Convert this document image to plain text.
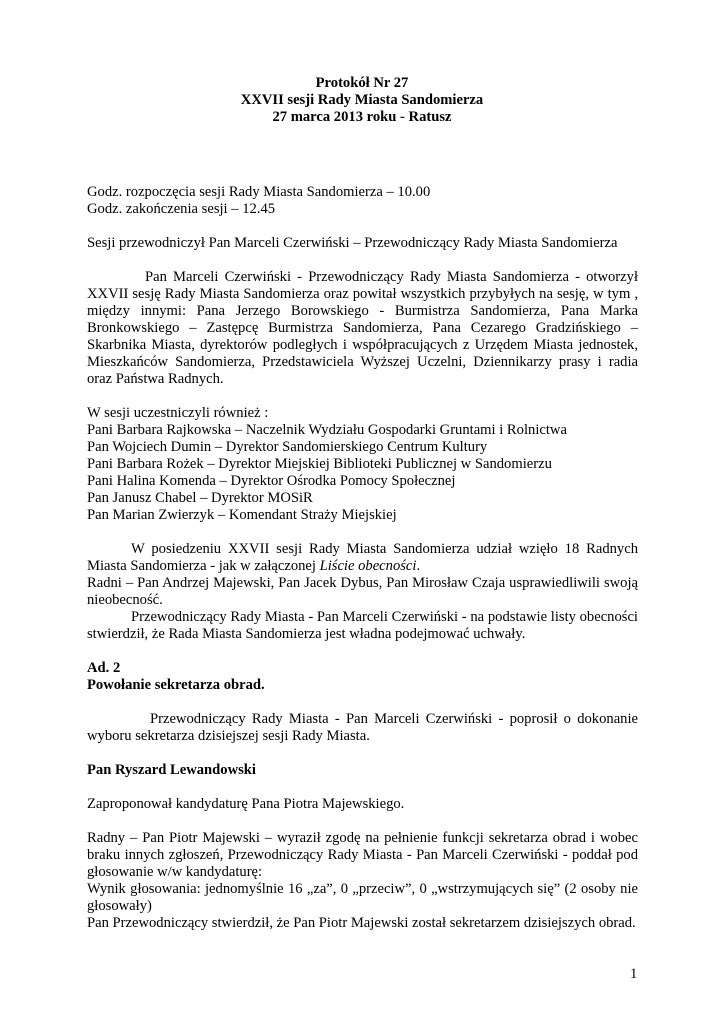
Protokół Nr 27
XXVII sesji Rady Miasta Sandomierza
27 marca 2013 roku - Ratusz
Godz. rozpoczęcia sesji Rady Miasta Sandomierza – 10.00
Godz. zakończenia sesji – 12.45
Sesji przewodniczył Pan Marceli Czerwiński – Przewodniczący Rady Miasta Sandomierza
Pan Marceli Czerwiński - Przewodniczący Rady Miasta Sandomierza - otworzył
XXVII sesję Rady Miasta Sandomierza oraz powitał wszystkich przybyłych na sesję, w tym ,
między innymi: Pana Jerzego Borowskiego - Burmistrza Sandomierza, Pana Marka
Bronkowskiego – Zastępcę Burmistrza Sandomierza, Pana Cezarego Gradzińskiego –
Skarbnika Miasta, dyrektorów podległych i współpracujących z Urzędem Miasta jednostek,
Mieszkańców Sandomierza, Przedstawiciela Wyższej Uczelni, Dziennikarzy prasy i radia
oraz Państwa Radnych.
W sesji uczestniczyli również :
Pani Barbara Rajkowska – Naczelnik Wydziału Gospodarki Gruntami i Rolnictwa
Pan Wojciech Dumin – Dyrektor Sandomierskiego Centrum Kultury
Pani Barbara Rożek – Dyrektor Miejskiej Biblioteki Publicznej w Sandomierzu
Pani Halina Komenda – Dyrektor Ośrodka Pomocy Społecznej
Pan Janusz Chabel – Dyrektor MOSiR
Pan Marian Zwierzyk – Komendant Straży Miejskiej
W posiedzeniu XXVII sesji Rady Miasta Sandomierza udział wzięło 18 Radnych
Miasta Sandomierza - jak w załączonej Liście obecności.
Radni – Pan Andrzej Majewski, Pan Jacek Dybus, Pan Mirosław Czaja usprawiedliwili swoją
nieobecność.
Przewodniczący Rady Miasta - Pan Marceli Czerwiński - na podstawie listy obecności
stwierdził, że Rada Miasta Sandomierza jest władna podejmować uchwały.
Ad. 2
Powołanie sekretarza obrad.
Przewodniczący Rady Miasta - Pan Marceli Czerwiński - poprosił o dokonanie
wyboru sekretarza dzisiejszej sesji Rady Miasta.
Pan Ryszard Lewandowski
Zaproponował kandydaturę Pana Piotra Majewskiego.
Radny – Pan Piotr Majewski – wyraził zgodę na pełnienie funkcji sekretarza obrad i wobec
braku innych zgłoszeń, Przewodniczący Rady Miasta - Pan Marceli Czerwiński - poddał pod
głosowanie w/w kandydaturę:
Wynik głosowania: jednomyślnie 16 „za”, 0 „przeciw”, 0 „wstrzymujących się” (2 osoby nie
głosowały)
Pan Przewodniczący stwierdził, że Pan Piotr Majewski został sekretarzem dzisiejszych obrad.
1
